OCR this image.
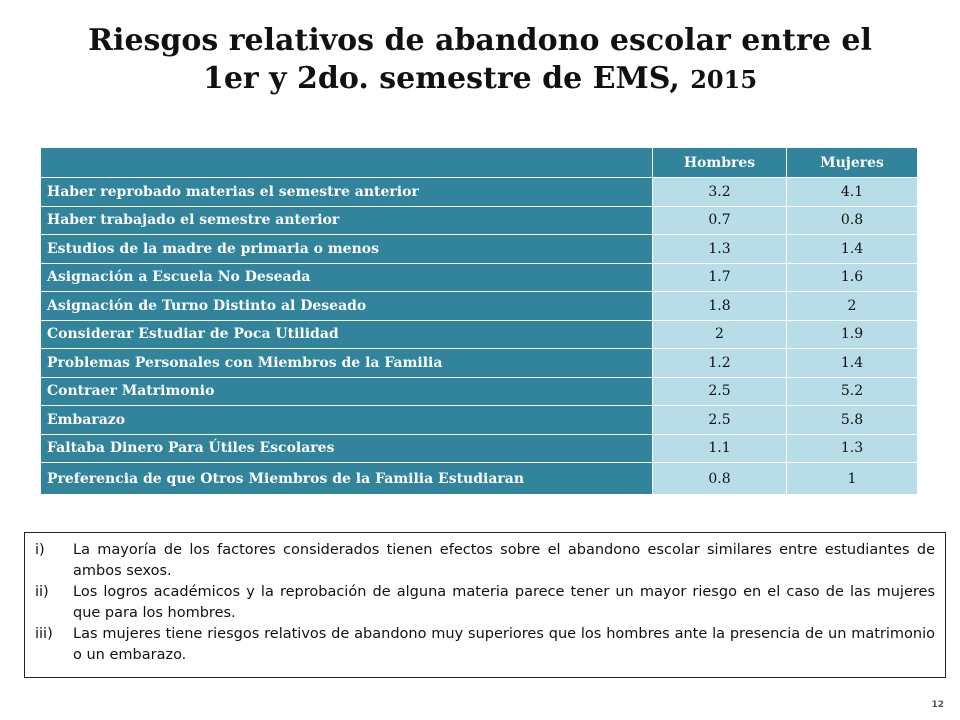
Riesgos relativos de abandono escolar entre el
1er y 2do. semestre de EMS, 2015
	Hombres	Mujeres
Haber reprobado materias el semestre anterior	3.2	4.1
Haber trabajado el semestre anterior	0.7	0.8
Estudios de la madre de primaria o menos	1.3	1.4
Asignación a Escuela No Deseada	1.7	1.6
Asignación de Turno Distinto al Deseado	1.8	2
Considerar Estudiar de Poca Utilidad	2	1.9
Problemas Personales con Miembros de la Familia	1.2	1.4
Contraer Matrimonio	2.5	5.2
Embarazo	2.5	5.8
Faltaba Dinero Para Útiles Escolares	1.1	1.3
Preferencia de que Otros Miembros de la Familia Estudiaran	0.8	1
i)	La mayoría de los factores considerados tienen efectos sobre el abandono escolar similares entre estudiantes de ambos sexos.
ii)	Los logros académicos y la reprobación de alguna materia parece tener un mayor riesgo en el caso de las mujeres que para los hombres.
iii)	Las mujeres tiene riesgos relativos de abandono muy superiores que los hombres ante la presencia de un matrimonio o un embarazo.
12
